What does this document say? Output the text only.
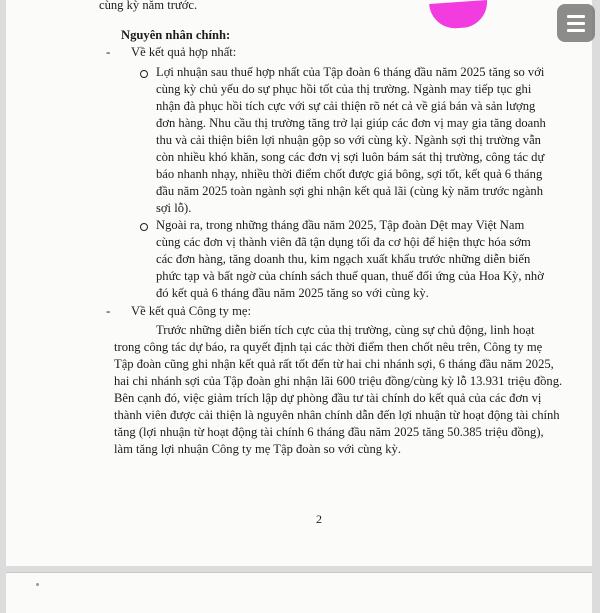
cùng kỳ năm trước.
Nguyên nhân chính:
- Về kết quả hợp nhất:
Lợi nhuận sau thuế hợp nhất của Tập đoàn 6 tháng đầu năm 2025 tăng so với
cùng kỳ chủ yếu do sự phục hồi tốt của thị trường. Ngành may tiếp tục ghi
nhận đà phục hồi tích cực với sự cải thiện rõ nét cả về giá bán và sản lượng
đơn hàng. Nhu cầu thị trường tăng trở lại giúp các đơn vị may gia tăng doanh
thu và cải thiện biên lợi nhuận gộp so với cùng kỳ. Ngành sợi thị trường vẫn
còn nhiều khó khăn, song các đơn vị sợi luôn bám sát thị trường, công tác dự
báo nhanh nhạy, nhiều thời điểm chốt được giá bông, sợi tốt, kết quả 6 tháng
đầu năm 2025 toàn ngành sợi ghi nhận kết quả lãi (cùng kỳ năm trước ngành
sợi lỗ).
Ngoài ra, trong những tháng đầu năm 2025, Tập đoàn Dệt may Việt Nam
cùng các đơn vị thành viên đã tận dụng tối đa cơ hội để hiện thực hóa sớm
các đơn hàng, tăng doanh thu, kim ngạch xuất khẩu trước những diễn biến
phức tạp và bất ngờ của chính sách thuế quan, thuế đối ứng của Hoa Kỳ, nhờ
đó kết quả 6 tháng đầu năm 2025 tăng so với cùng kỳ.
- Về kết quả Công ty mẹ:
Trước những diễn biến tích cực của thị trường, cùng sự chủ động, linh hoạt
trong công tác dự báo, ra quyết định tại các thời điểm then chốt nêu trên, Công ty mẹ
Tập đoàn cũng ghi nhận kết quả rất tốt đến từ hai chi nhánh sợi, 6 tháng đầu năm 2025,
hai chi nhánh sợi của Tập đoàn ghi nhận lãi 600 triệu đồng/cùng kỳ lỗ 13.931 triệu đồng.
Bên cạnh đó, việc giảm trích lập dự phòng đầu tư tài chính do kết quả của các đơn vị
thành viên được cải thiện là nguyên nhân chính dẫn đến lợi nhuận từ hoạt động tài chính
tăng (lợi nhuận từ hoạt động tài chính 6 tháng đầu năm 2025 tăng 50.385 triệu đồng),
làm tăng lợi nhuận Công ty mẹ Tập đoàn so với cùng kỳ.
2
